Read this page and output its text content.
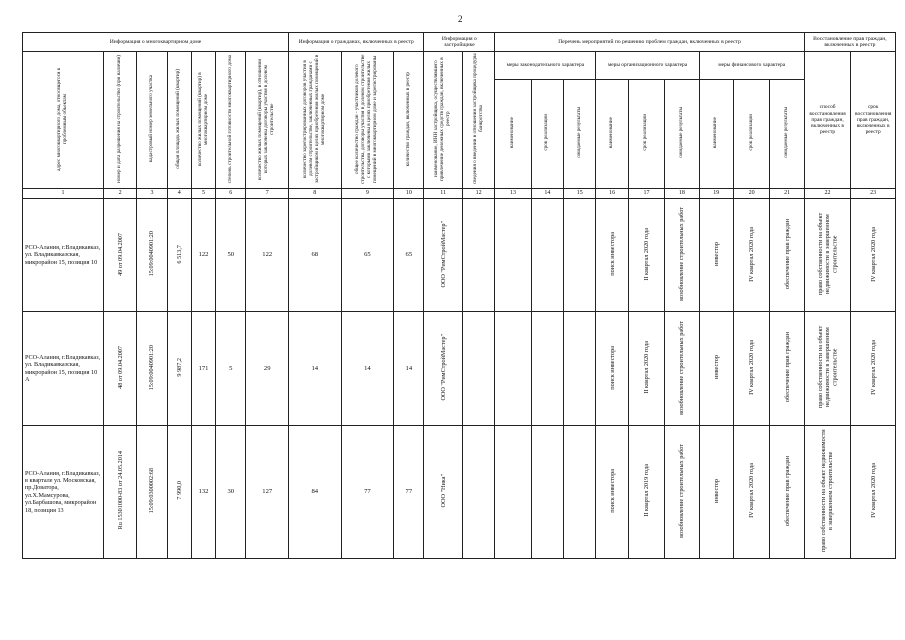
2
Информация о многоквартирном доме							Информация о гражданах, включенных в реестр			Информация о застройщике		Перечень мероприятий по решению проблем граждан, включенных в реестр									Восстановление прав граждан, включенных в реестр	
адрес многоквартирного дома, относящегося к проблемным объектам	номер и дата разрешения на строительство (при наличии)	кадастровый номер земельного участка	общая площадь жилых помещений (квартир)	количество жилых помещений (квартир) в многоквартирном доме	степень строительной готовности многоквартирного дома	количество жилых помещений (квартир), в отношении которых заключены договоры участия в долевом строительстве	количество зарегистрированных договоров участия в долевом строительстве, заключенных гражданами с застройщиком в целях приобретения жилых помещений в многоквартирном доме	общее количество граждан - участников долевого строительства, договоры участия в долевом строительстве с которыми заключены в целях приобретения жилых помещений в многоквартирном доме и зарегистрированы	количество граждан, включенных в реестр	наименование, ИНН застройщика, осуществлявшего привлечение денежных средств граждан, включенных в реестр	сведения о введении в отношении застройщика процедуры банкротства	меры законодательного характера			меры организационного характера			меры финансового характера			способ восстановления прав граждан, включенных в реестр	срок восстановления прав граждан, включенных в реестр
												наименование	срок реализации	ожидаемые результаты	наименование	срок реализации	ожидаемые результаты	наименование	срок реализации	ожидаемые результаты		
1	2	3	4	5	6	7	8	9	10	11	12	13	14	15	16	17	18	19	20	21	22	23
РСО-Алания, г.Владикавказ, ул. Владикавказская, микрорайон 15, позиция 10	49 от 09.04.2007	15:09:0040901:20	6 513,7	122	50	122	68	65	65	ООО "РимСтройМастер"					поиск инвестора	II квартал 2020 года	возобновление строительных работ	инвестор	IV квартал 2020 года	обеспечение прав граждан	право собственности на объект недвижимости в завершенном строительстве	IV квартал 2020 года
РСО-Алания, г.Владикавказ, ул. Владикавказская, микрорайон 15, позиция 10 А	48 от 09.04.2007	15:09:0040901:20	9 987,2	171	5	29	14	14	14	ООО "РимСтройМастер"					поиск инвестора	II квартал 2020 года	возобновление строительных работ	инвестор	IV квартал 2020 года	обеспечение прав граждан	право собственности на объект недвижимости в завершенном строительстве	IV квартал 2020 года
РСО-Алания, г.Владикавказ, в квартале ул. Московская, пр.Доватора, ул.Х.Мамсурова, ул.Барбашова, микрорайон 18, позиция 13	Ru 15301000-83 от 24.05.2014	15:09:0300002:68	7 990,0	132	30	127	84	77	77	ООО "Ника"					поиск инвестора	II квартал 2019 года	возобновление строительных работ	инвестор	IV квартал 2020 года	обеспечение прав граждан	право собственности на объект недвижимости в завершенном строительстве	IV квартал 2020 года
